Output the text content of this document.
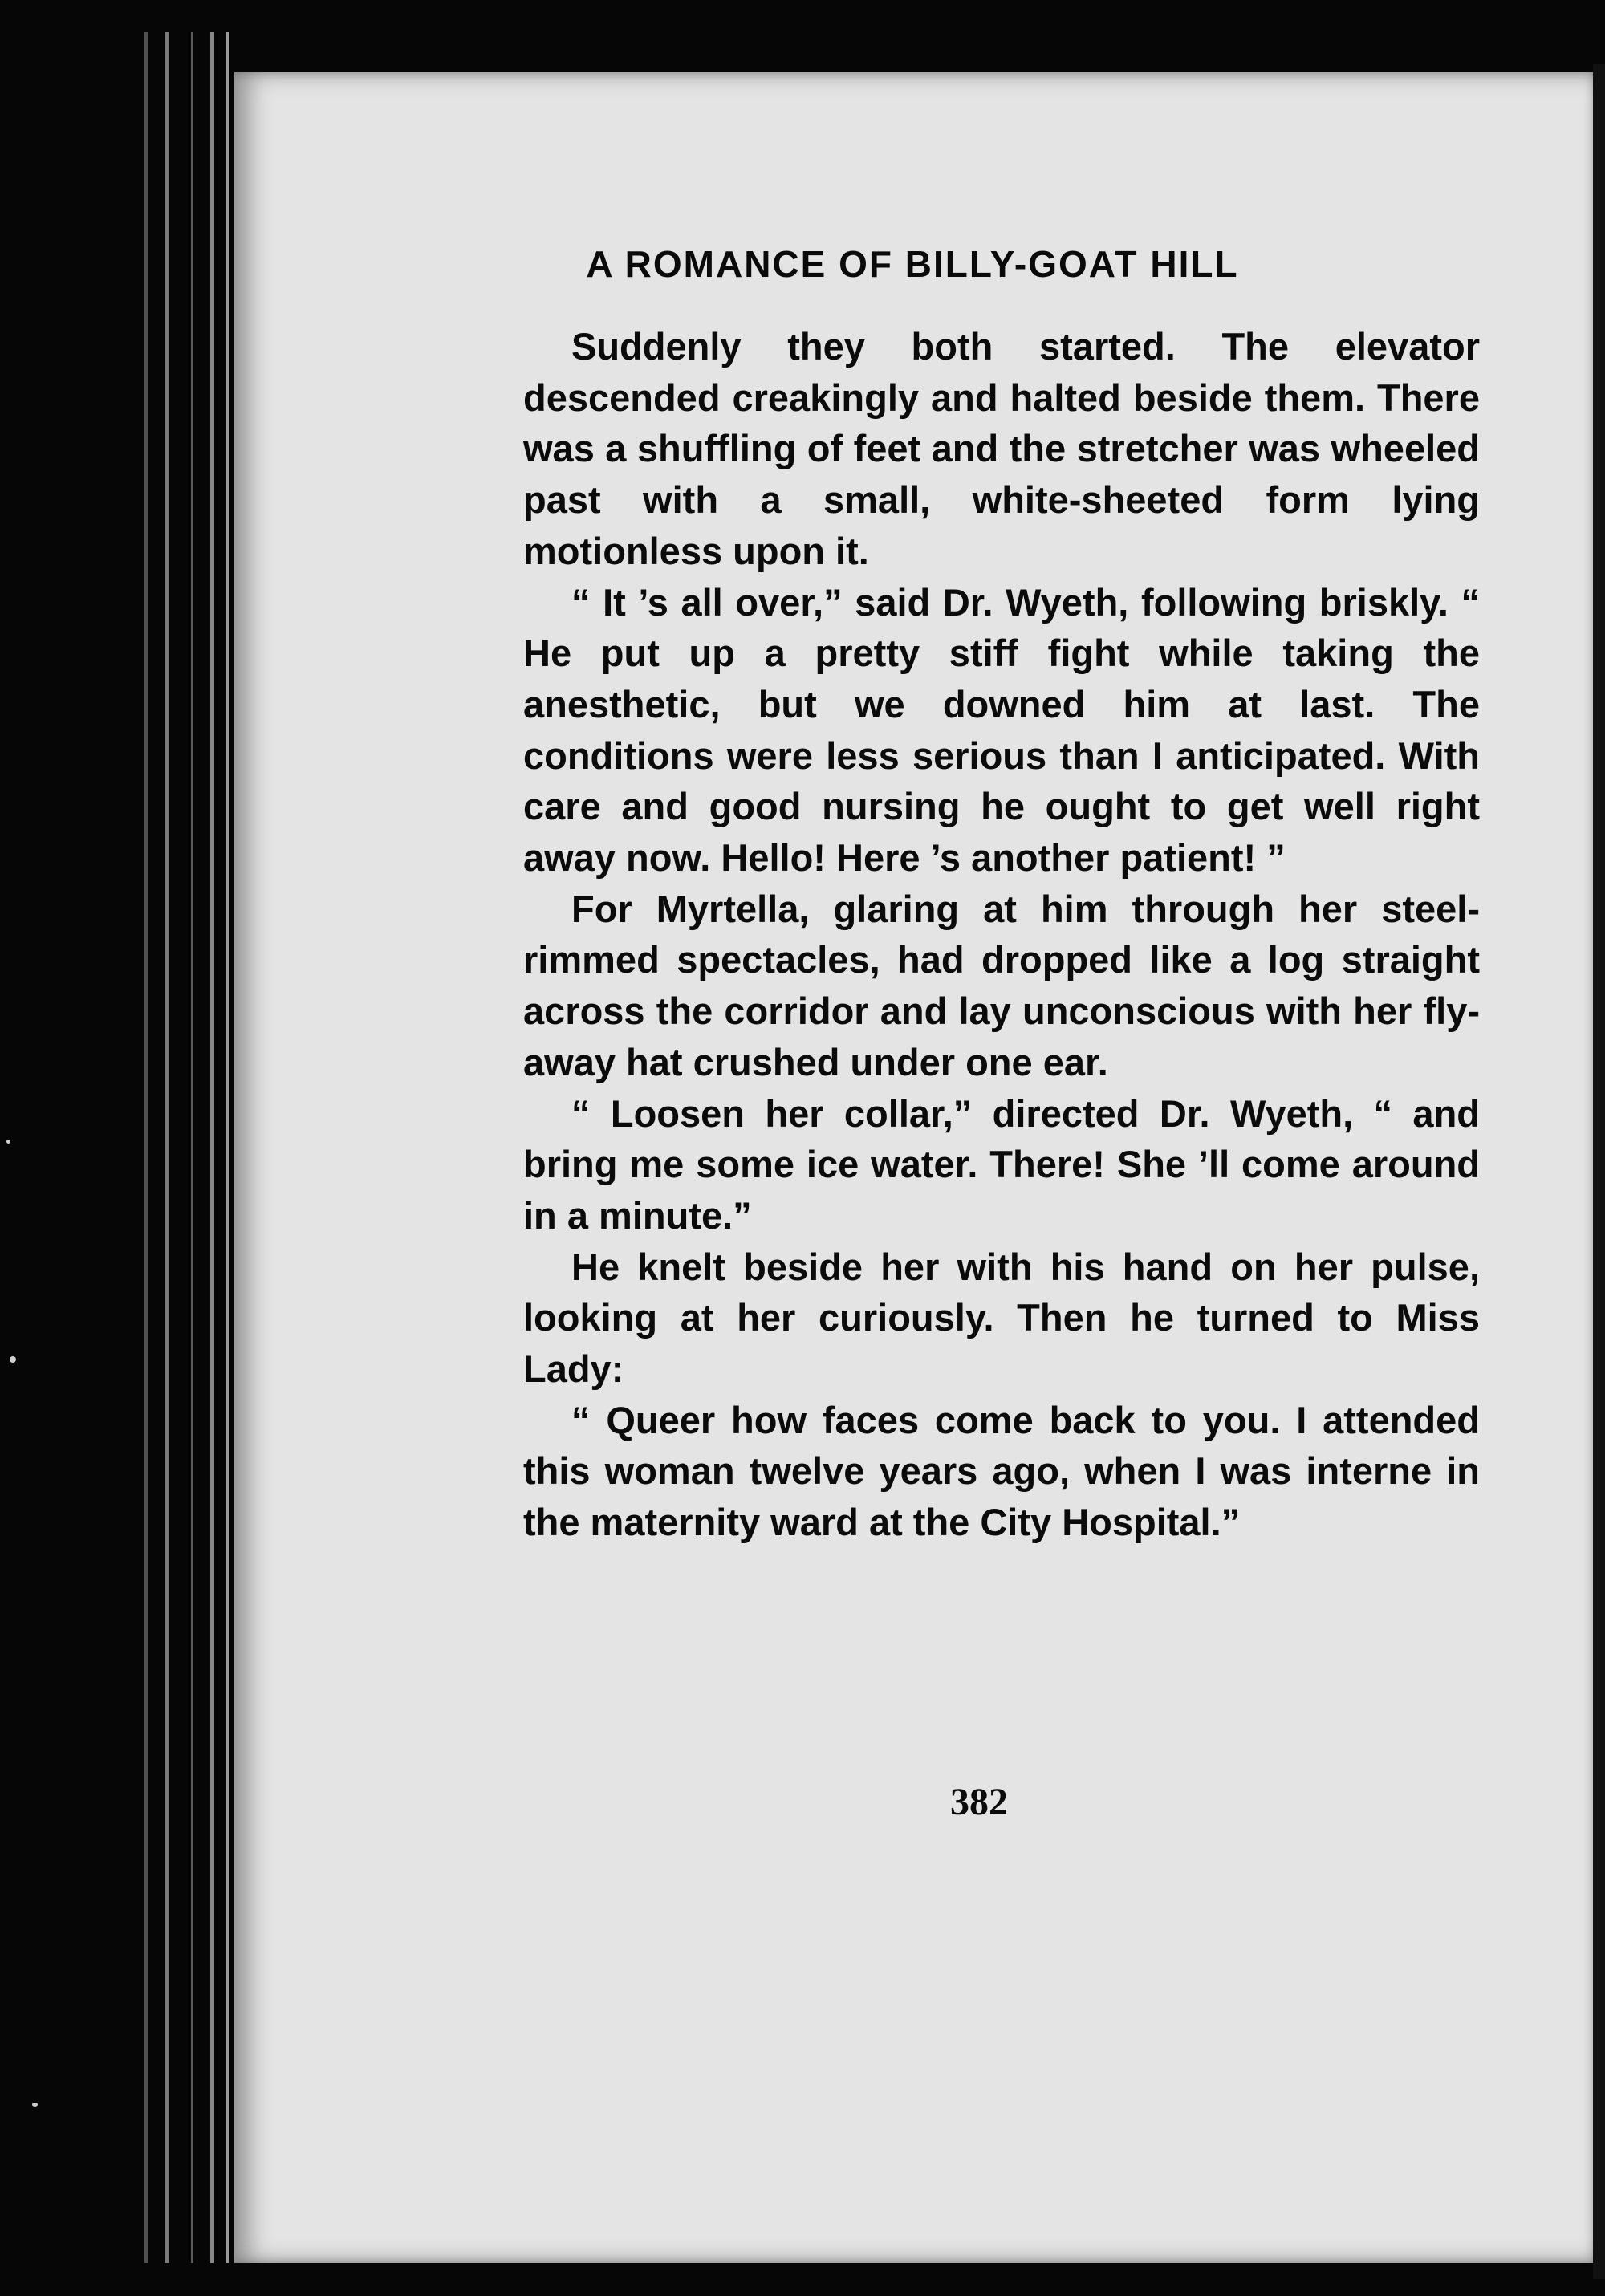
A ROMANCE OF BILLY-GOAT HILL

Suddenly they both started. The elevator descended creakingly and halted beside them. There was a shuffling of feet and the stretcher was wheeled past with a small, white-sheeted form lying motionless upon it.

“ It ’s all over,” said Dr. Wyeth, following briskly. “ He put up a pretty stiff fight while taking the anesthetic, but we downed him at last. The conditions were less serious than I anticipated. With care and good nursing he ought to get well right away now. Hello! Here ’s another patient! ”

For Myrtella, glaring at him through her steel-rimmed spectacles, had dropped like a log straight across the corridor and lay unconscious with her fly-away hat crushed under one ear.

“ Loosen her collar,” directed Dr. Wyeth, “ and bring me some ice water. There! She ’ll come around in a minute.”

He knelt beside her with his hand on her pulse, looking at her curiously. Then he turned to Miss Lady:

“ Queer how faces come back to you. I attended this woman twelve years ago, when I was interne in the maternity ward at the City Hospital.”

382
